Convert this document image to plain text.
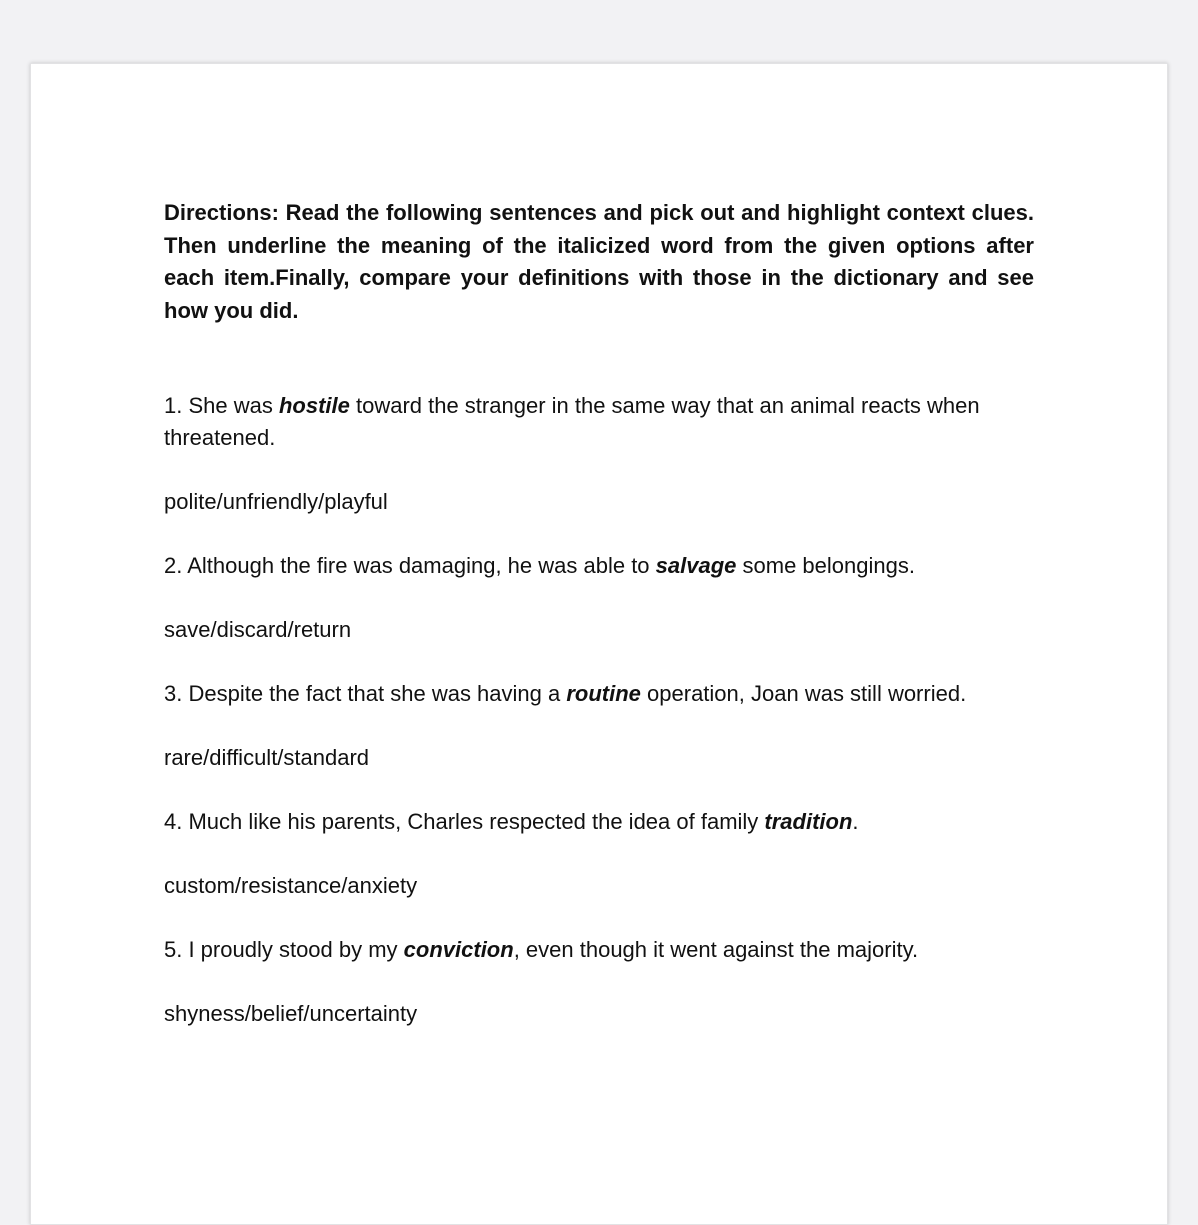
Directions: Read the following sentences and pick out and highlight context clues. Then underline the meaning of the italicized word from the given options after each item.Finally, compare your definitions with those in the dictionary and see how you did.

1. She was hostile toward the stranger in the same way that an animal reacts when threatened.

polite/unfriendly/playful

2. Although the fire was damaging, he was able to salvage some belongings.

save/discard/return

3. Despite the fact that she was having a routine operation, Joan was still worried.

rare/difficult/standard

4. Much like his parents, Charles respected the idea of family tradition.

custom/resistance/anxiety

5. I proudly stood by my conviction, even though it went against the majority.

shyness/belief/uncertainty
